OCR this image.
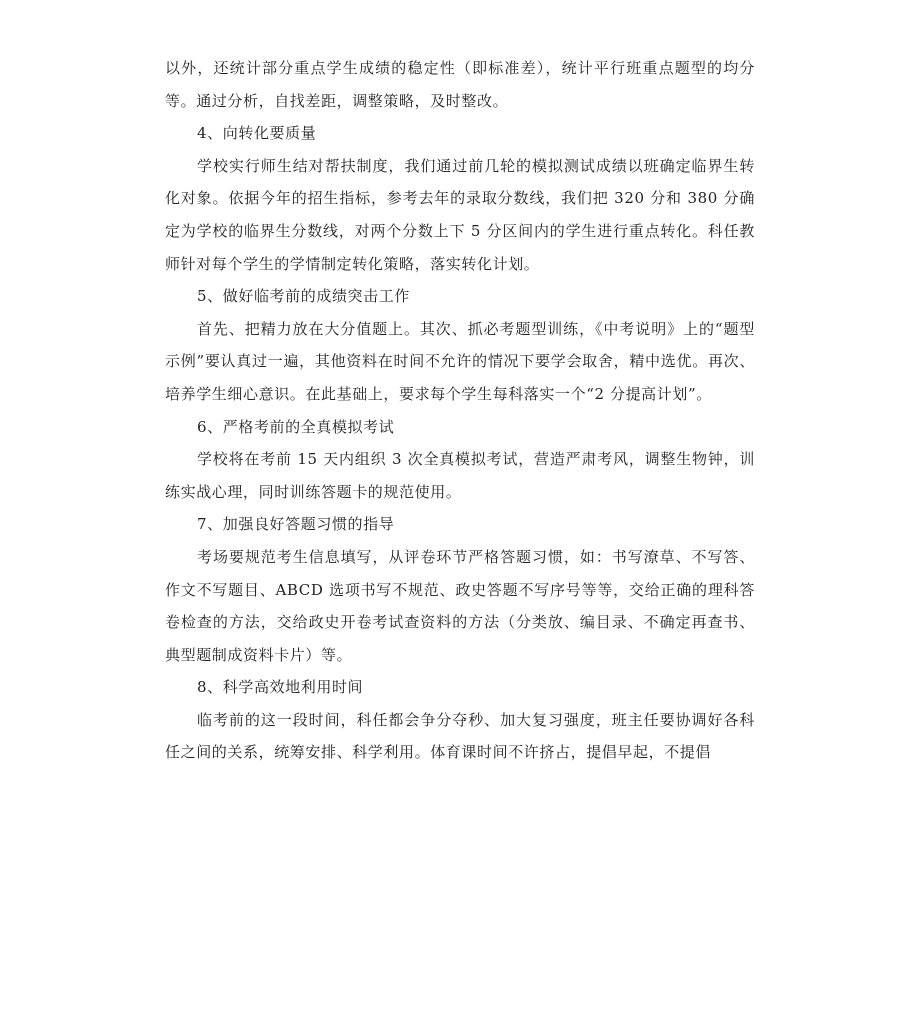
以外，还统计部分重点学生成绩的稳定性（即标准差），统计平行班重点题型的均分等。通过分析，自找差距，调整策略，及时整改。

4、向转化要质量

学校实行师生结对帮扶制度，我们通过前几轮的模拟测试成绩以班确定临界生转化对象。依据今年的招生指标，参考去年的录取分数线，我们把 320 分和 380 分确定为学校的临界生分数线，对两个分数上下 5 分区间内的学生进行重点转化。科任教师针对每个学生的学情制定转化策略，落实转化计划。

5、做好临考前的成绩突击工作

首先、把精力放在大分值题上。其次、抓必考题型训练，《中考说明》上的“题型示例”要认真过一遍，其他资料在时间不允许的情况下要学会取舍，精中选优。再次、培养学生细心意识。在此基础上，要求每个学生每科落实一个“2 分提高计划”。

6、严格考前的全真模拟考试

学校将在考前 15 天内组织 3 次全真模拟考试，营造严肃考风，调整生物钟，训练实战心理，同时训练答题卡的规范使用。

7、加强良好答题习惯的指导

考场要规范考生信息填写，从评卷环节严格答题习惯，如：书写潦草、不写答、作文不写题目、ABCD 选项书写不规范、政史答题不写序号等等，交给正确的理科答卷检查的方法，交给政史开卷考试查资料的方法（分类放、编目录、不确定再查书、典型题制成资料卡片）等。

8、科学高效地利用时间

临考前的这一段时间，科任都会争分夺秒、加大复习强度，班主任要协调好各科任之间的关系，统筹安排、科学利用。体育课时间不许挤占，提倡早起，不提倡
